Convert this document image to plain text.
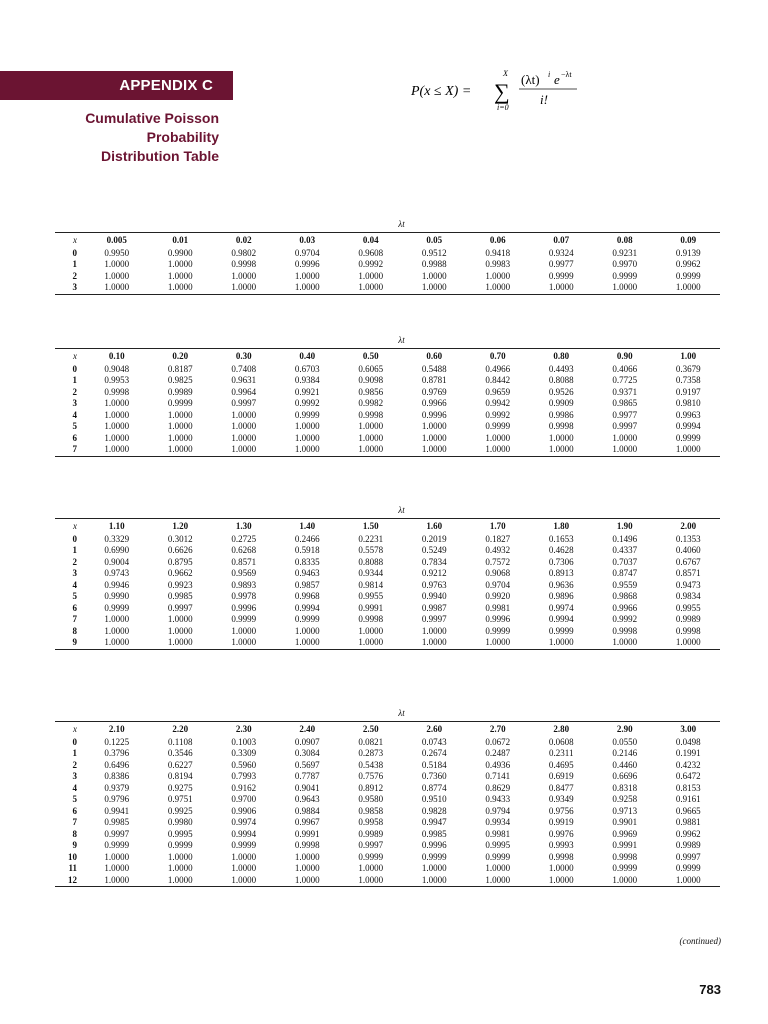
APPENDIX C
Cumulative Poisson
Probability
Distribution Table
P(x ≤ X) =
X
∑
i=0
(λt) i e −λt
i!
λt
x	0.005	0.01	0.02	0.03	0.04	0.05	0.06	0.07	0.08	0.09
0	0.9950	0.9900	0.9802	0.9704	0.9608	0.9512	0.9418	0.9324	0.9231	0.9139
1	1.0000	1.0000	0.9998	0.9996	0.9992	0.9988	0.9983	0.9977	0.9970	0.9962
2	1.0000	1.0000	1.0000	1.0000	1.0000	1.0000	1.0000	0.9999	0.9999	0.9999
3	1.0000	1.0000	1.0000	1.0000	1.0000	1.0000	1.0000	1.0000	1.0000	1.0000
λt
x	0.10	0.20	0.30	0.40	0.50	0.60	0.70	0.80	0.90	1.00
0	0.9048	0.8187	0.7408	0.6703	0.6065	0.5488	0.4966	0.4493	0.4066	0.3679
1	0.9953	0.9825	0.9631	0.9384	0.9098	0.8781	0.8442	0.8088	0.7725	0.7358
2	0.9998	0.9989	0.9964	0.9921	0.9856	0.9769	0.9659	0.9526	0.9371	0.9197
3	1.0000	0.9999	0.9997	0.9992	0.9982	0.9966	0.9942	0.9909	0.9865	0.9810
4	1.0000	1.0000	1.0000	0.9999	0.9998	0.9996	0.9992	0.9986	0.9977	0.9963
5	1.0000	1.0000	1.0000	1.0000	1.0000	1.0000	0.9999	0.9998	0.9997	0.9994
6	1.0000	1.0000	1.0000	1.0000	1.0000	1.0000	1.0000	1.0000	1.0000	0.9999
7	1.0000	1.0000	1.0000	1.0000	1.0000	1.0000	1.0000	1.0000	1.0000	1.0000
λt
x	1.10	1.20	1.30	1.40	1.50	1.60	1.70	1.80	1.90	2.00
0	0.3329	0.3012	0.2725	0.2466	0.2231	0.2019	0.1827	0.1653	0.1496	0.1353
1	0.6990	0.6626	0.6268	0.5918	0.5578	0.5249	0.4932	0.4628	0.4337	0.4060
2	0.9004	0.8795	0.8571	0.8335	0.8088	0.7834	0.7572	0.7306	0.7037	0.6767
3	0.9743	0.9662	0.9569	0.9463	0.9344	0.9212	0.9068	0.8913	0.8747	0.8571
4	0.9946	0.9923	0.9893	0.9857	0.9814	0.9763	0.9704	0.9636	0.9559	0.9473
5	0.9990	0.9985	0.9978	0.9968	0.9955	0.9940	0.9920	0.9896	0.9868	0.9834
6	0.9999	0.9997	0.9996	0.9994	0.9991	0.9987	0.9981	0.9974	0.9966	0.9955
7	1.0000	1.0000	0.9999	0.9999	0.9998	0.9997	0.9996	0.9994	0.9992	0.9989
8	1.0000	1.0000	1.0000	1.0000	1.0000	1.0000	0.9999	0.9999	0.9998	0.9998
9	1.0000	1.0000	1.0000	1.0000	1.0000	1.0000	1.0000	1.0000	1.0000	1.0000
λt
x	2.10	2.20	2.30	2.40	2.50	2.60	2.70	2.80	2.90	3.00
0	0.1225	0.1108	0.1003	0.0907	0.0821	0.0743	0.0672	0.0608	0.0550	0.0498
1	0.3796	0.3546	0.3309	0.3084	0.2873	0.2674	0.2487	0.2311	0.2146	0.1991
2	0.6496	0.6227	0.5960	0.5697	0.5438	0.5184	0.4936	0.4695	0.4460	0.4232
3	0.8386	0.8194	0.7993	0.7787	0.7576	0.7360	0.7141	0.6919	0.6696	0.6472
4	0.9379	0.9275	0.9162	0.9041	0.8912	0.8774	0.8629	0.8477	0.8318	0.8153
5	0.9796	0.9751	0.9700	0.9643	0.9580	0.9510	0.9433	0.9349	0.9258	0.9161
6	0.9941	0.9925	0.9906	0.9884	0.9858	0.9828	0.9794	0.9756	0.9713	0.9665
7	0.9985	0.9980	0.9974	0.9967	0.9958	0.9947	0.9934	0.9919	0.9901	0.9881
8	0.9997	0.9995	0.9994	0.9991	0.9989	0.9985	0.9981	0.9976	0.9969	0.9962
9	0.9999	0.9999	0.9999	0.9998	0.9997	0.9996	0.9995	0.9993	0.9991	0.9989
10	1.0000	1.0000	1.0000	1.0000	0.9999	0.9999	0.9999	0.9998	0.9998	0.9997
11	1.0000	1.0000	1.0000	1.0000	1.0000	1.0000	1.0000	1.0000	0.9999	0.9999
12	1.0000	1.0000	1.0000	1.0000	1.0000	1.0000	1.0000	1.0000	1.0000	1.0000
(continued)
783
